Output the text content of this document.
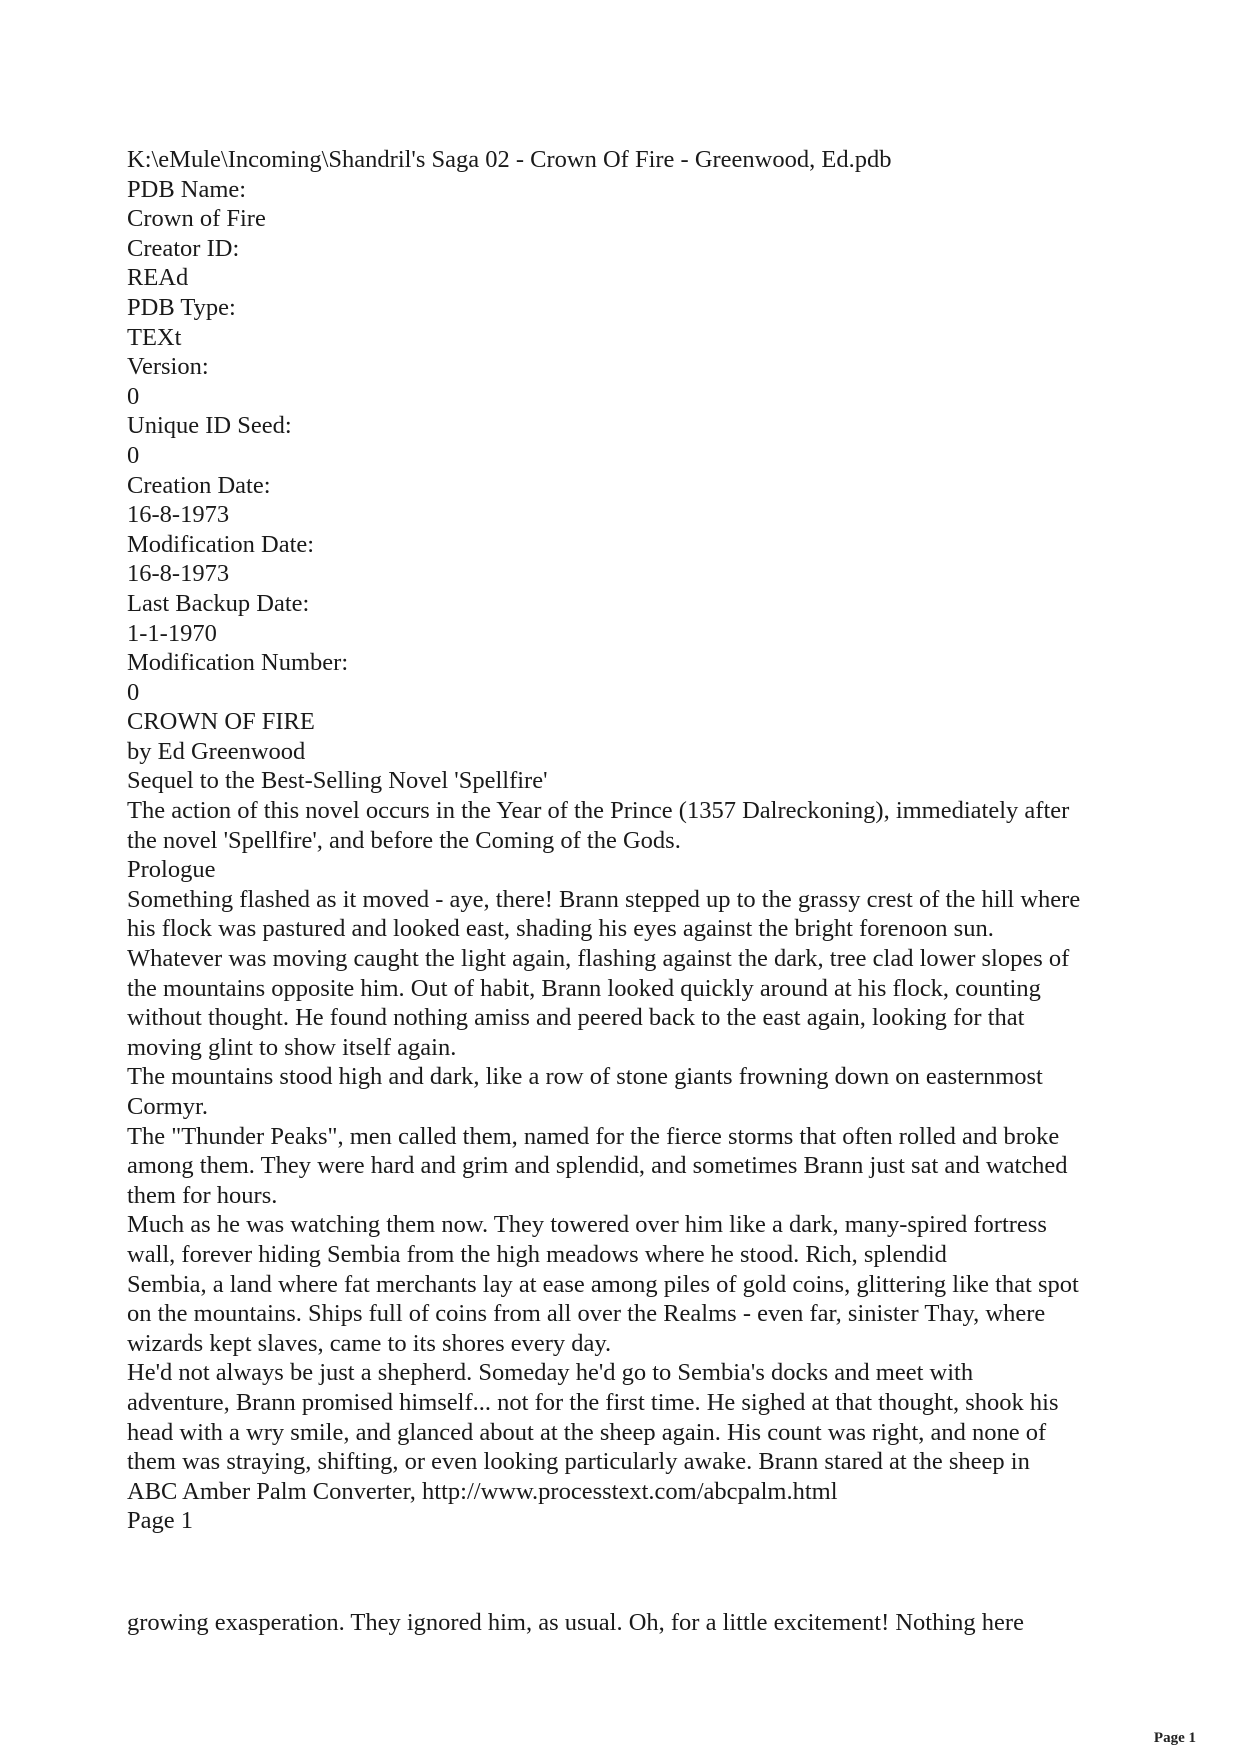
K:\eMule\Incoming\Shandril's Saga 02 - Crown Of Fire - Greenwood, Ed.pdb
PDB Name:
Crown of Fire
Creator ID:
REAd
PDB Type:
TEXt
Version:
0
Unique ID Seed:
0
Creation Date:
16-8-1973
Modification Date:
16-8-1973
Last Backup Date:
1-1-1970
Modification Number:
0
CROWN OF FIRE
by Ed Greenwood
Sequel to the Best-Selling Novel 'Spellfire'
The action of this novel occurs in the Year of the Prince (1357 Dalreckoning), immediately after
the novel 'Spellfire', and before the Coming of the Gods.
Prologue
Something flashed as it moved - aye, there! Brann stepped up to the grassy crest of the hill where
his flock was pastured and looked east, shading his eyes against the bright forenoon sun.
Whatever was moving caught the light again, flashing against the dark, tree clad lower slopes of
the mountains opposite him. Out of habit, Brann looked quickly around at his flock, counting
without thought. He found nothing amiss and peered back to the east again, looking for that
moving glint to show itself again.
The mountains stood high and dark, like a row of stone giants frowning down on easternmost
Cormyr.
The "Thunder Peaks", men called them, named for the fierce storms that often rolled and broke
among them. They were hard and grim and splendid, and sometimes Brann just sat and watched
them for hours.
Much as he was watching them now. They towered over him like a dark, many-spired fortress
wall, forever hiding Sembia from the high meadows where he stood. Rich, splendid
Sembia, a land where fat merchants lay at ease among piles of gold coins, glittering like that spot
on the mountains. Ships full of coins from all over the Realms - even far, sinister Thay, where
wizards kept slaves, came to its shores every day.
He'd not always be just a shepherd. Someday he'd go to Sembia's docks and meet with
adventure, Brann promised himself... not for the first time. He sighed at that thought, shook his
head with a wry smile, and glanced about at the sheep again. His count was right, and none of
them was straying, shifting, or even looking particularly awake. Brann stared at the sheep in
ABC Amber Palm Converter, http://www.processtext.com/abcpalm.html
Page 1
growing exasperation. They ignored him, as usual. Oh, for a little excitement! Nothing here
Page 1
